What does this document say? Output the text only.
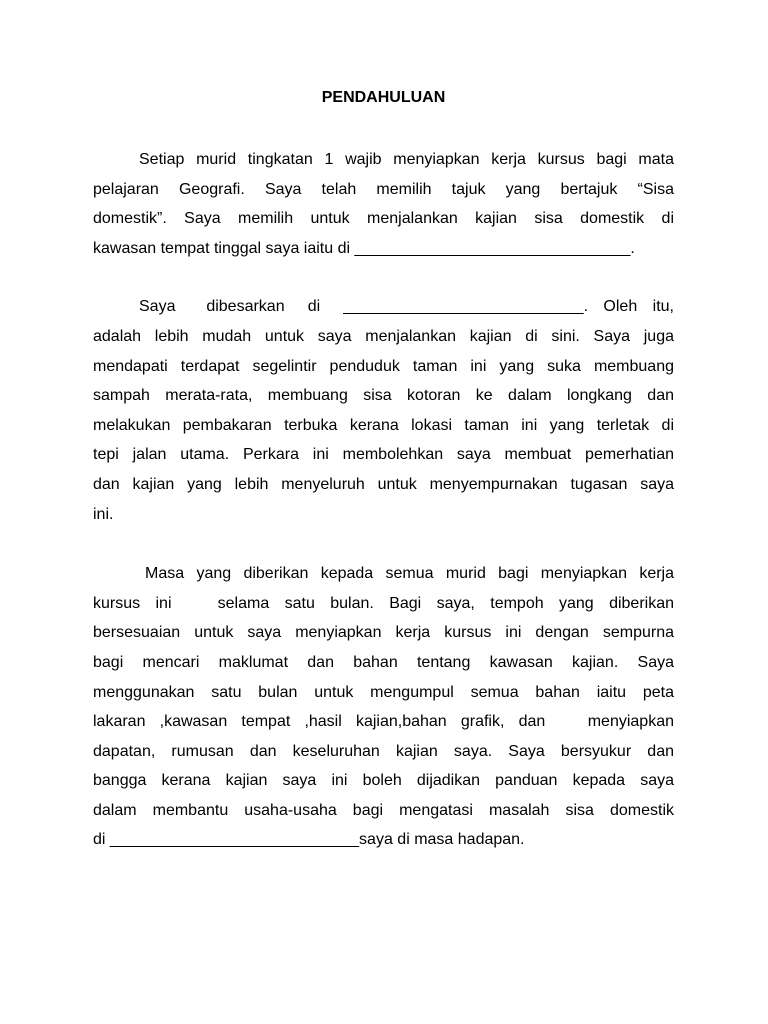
PENDAHULUAN
Setiap murid tingkatan 1 wajib menyiapkan kerja kursus bagi mata
pelajaran Geografi. Saya telah memilih tajuk yang bertajuk “Sisa
domestik”. Saya memilih untuk menjalankan kajian sisa domestik di
kawasan tempat tinggal saya iaitu di _______________________________.
Saya    dibesarkan   di   ___________________________.  Oleh  itu,
adalah lebih mudah untuk saya menjalankan kajian di sini. Saya juga
mendapati terdapat segelintir penduduk taman ini yang suka membuang
sampah merata-rata, membuang sisa kotoran ke dalam longkang dan
melakukan pembakaran terbuka kerana lokasi taman ini yang terletak di
tepi jalan utama. Perkara ini membolehkan saya membuat pemerhatian
dan kajian yang lebih menyeluruh untuk menyempurnakan tugasan saya
ini.
Masa yang diberikan kepada semua murid bagi menyiapkan kerja
kursus ini   selama satu bulan. Bagi saya, tempoh yang diberikan
bersesuaian untuk saya menyiapkan kerja kursus ini dengan sempurna
bagi mencari maklumat dan bahan tentang kawasan kajian. Saya
menggunakan satu bulan untuk mengumpul semua bahan iaitu peta
lakaran ,kawasan tempat ,hasil kajian,bahan grafik, dan   menyiapkan
dapatan, rumusan dan keseluruhan kajian saya. Saya bersyukur dan
bangga kerana kajian saya ini boleh dijadikan panduan kepada saya
dalam membantu usaha-usaha bagi mengatasi masalah sisa domestik
di ____________________________saya di masa hadapan.
